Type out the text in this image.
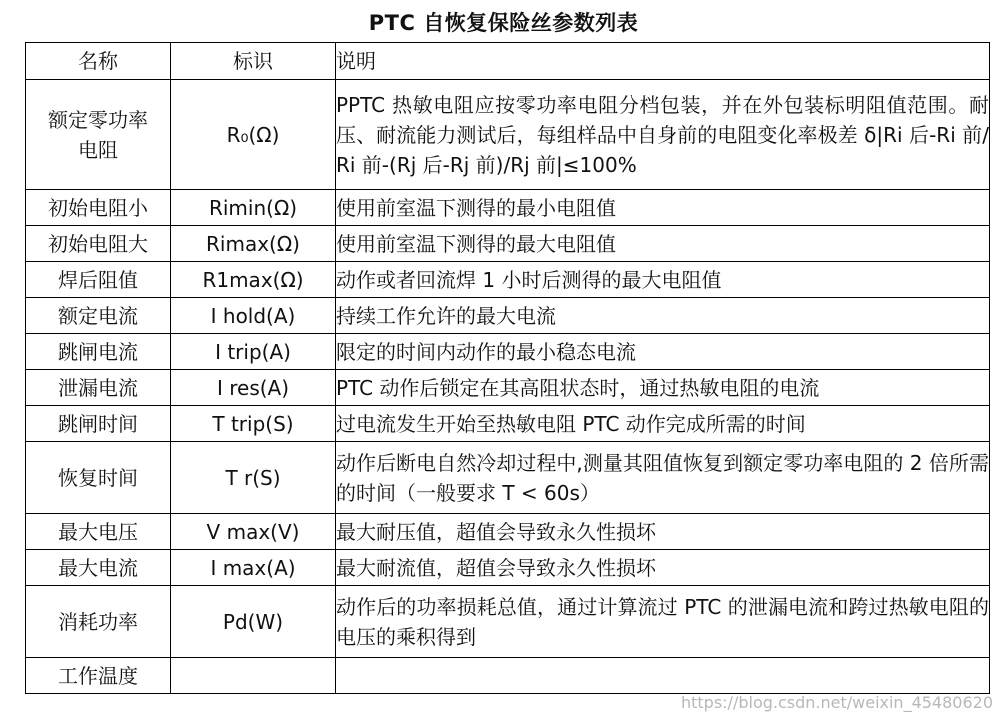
PTC 自恢复保险丝参数列表
名称	标识	说明
额定零功率电阻	R₀(Ω)	PPTC 热敏电阻应按零功率电阻分档包装，并在外包装标明阻值范围。耐压、耐流能力测试后，每组样品中自身前的电阻变化率极差 δ|Ri 后-Ri 前/Ri 前-(Rj 后-Rj 前)/Rj 前|≤100%
初始电阻小	Rimin(Ω)	使用前室温下测得的最小电阻值
初始电阻大	Rimax(Ω)	使用前室温下测得的最大电阻值
焊后阻值	R1max(Ω)	动作或者回流焊 1 小时后测得的最大电阻值
额定电流	I hold(A)	持续工作允许的最大电流
跳闸电流	I trip(A)	限定的时间内动作的最小稳态电流
泄漏电流	I res(A)	PTC 动作后锁定在其高阻状态时，通过热敏电阻的电流
跳闸时间	T trip(S)	过电流发生开始至热敏电阻 PTC 动作完成所需的时间
恢复时间	T r(S)	动作后断电自然冷却过程中,测量其阻值恢复到额定零功率电阻的 2 倍所需的时间（一般要求 T < 60s）
最大电压	V max(V)	最大耐压值，超值会导致永久性损坏
最大电流	I max(A)	最大耐流值，超值会导致永久性损坏
消耗功率	Pd(W)	动作后的功率损耗总值，通过计算流过 PTC 的泄漏电流和跨过热敏电阻的电压的乘积得到
工作温度		
https://blog.csdn.net/weixin_45480620
